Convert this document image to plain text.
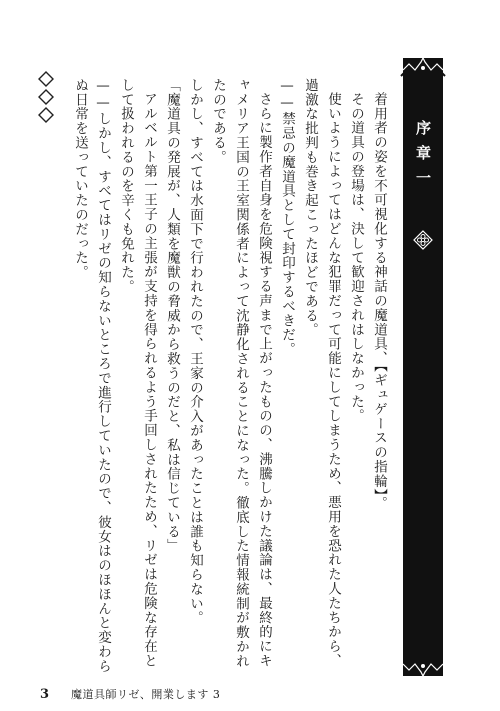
序章一

着用者の姿を不可視化する神話の魔道具、【ギュゲースの指輪】。

その道具の登場は、決して歓迎されはしなかった。

使いようによってはどんな犯罪だって可能にしてしまうため、悪用を恐れた人たちから、過激な批判も巻き起こったほどである。

——禁忌の魔道具として封印するべきだ。

さらに製作者自身を危険視する声まで上がったものの、沸騰しかけた議論は、最終的にキャメリア王国の王室関係者によって沈静化されることになった。徹底した情報統制が敷かれたのである。

しかし、すべては水面下で行われたので、王家の介入があったことは誰も知らない。

「魔道具の発展が、人類を魔獣の脅威から救うのだと、私は信じている」

アルベルト第一王子の主張が支持を得られるよう手回しされたため、リゼは危険な存在として扱われるのを辛くも免れた。

——しかし、すべてはリゼの知らないところで進行していたので、彼女はのほほんと変わらぬ日常を送っていたのだった。

3 魔道具師リゼ、開業します 3
